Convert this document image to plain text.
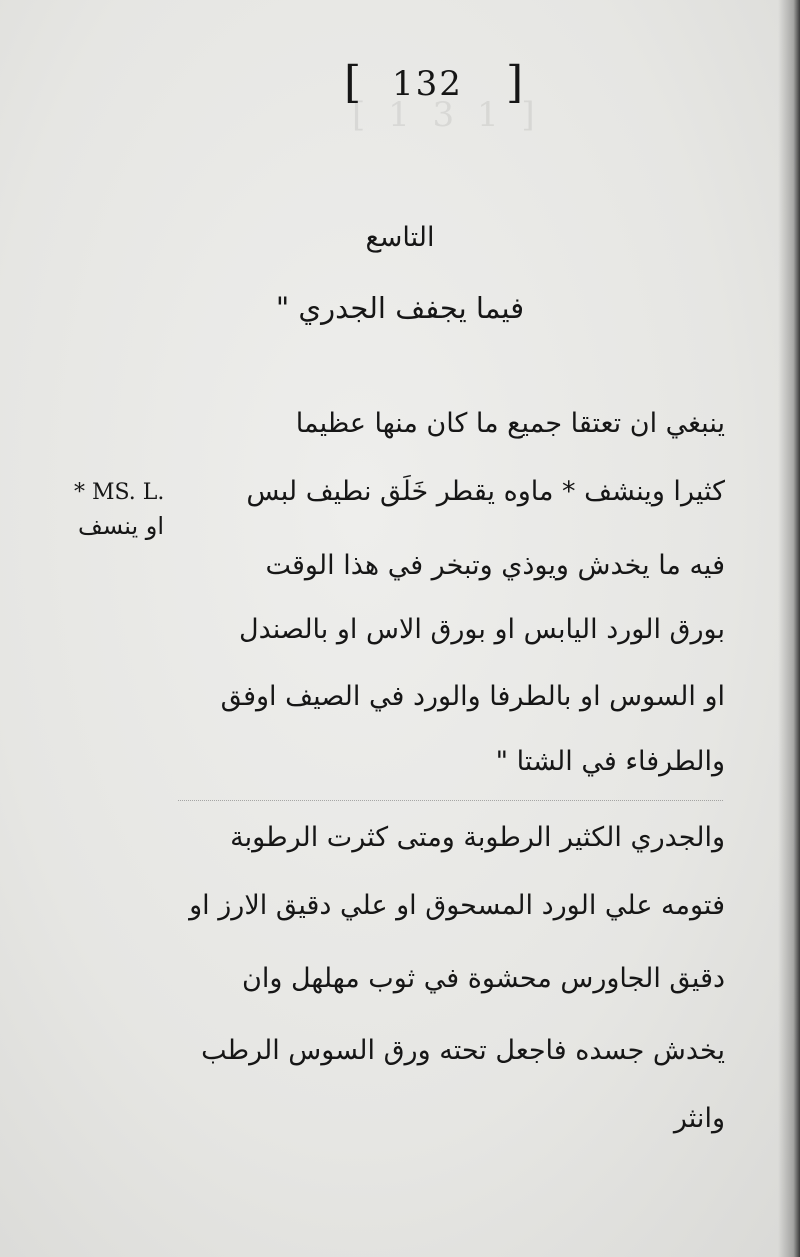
[ 1 3 1 ]
[ 132 ]
التاسع
فيما يجفف الجدري "
ينبغي ان تعتقا جميع ما كان منها عظيما
كثيرا وينشف * ماوه يقطر خَلَق نطيف لبس
فيه ما يخدش ويوذي وتبخر في هذا الوقت
بورق الورد اليابس او بورق الاس او بالصندل
او السوس او بالطرفا والورد في الصيف اوفق
والطرفاء في الشتا "
والجدري الكثير الرطوبة ومتى كثرت الرطوبة
فتومه علي الورد المسحوق او علي دقيق الارز او
دقيق الجاورس محشوة في ثوب مهلهل وان
يخدش جسده فاجعل تحته ورق السوس الرطب
وانثر
* MS. L.
او ينسف
